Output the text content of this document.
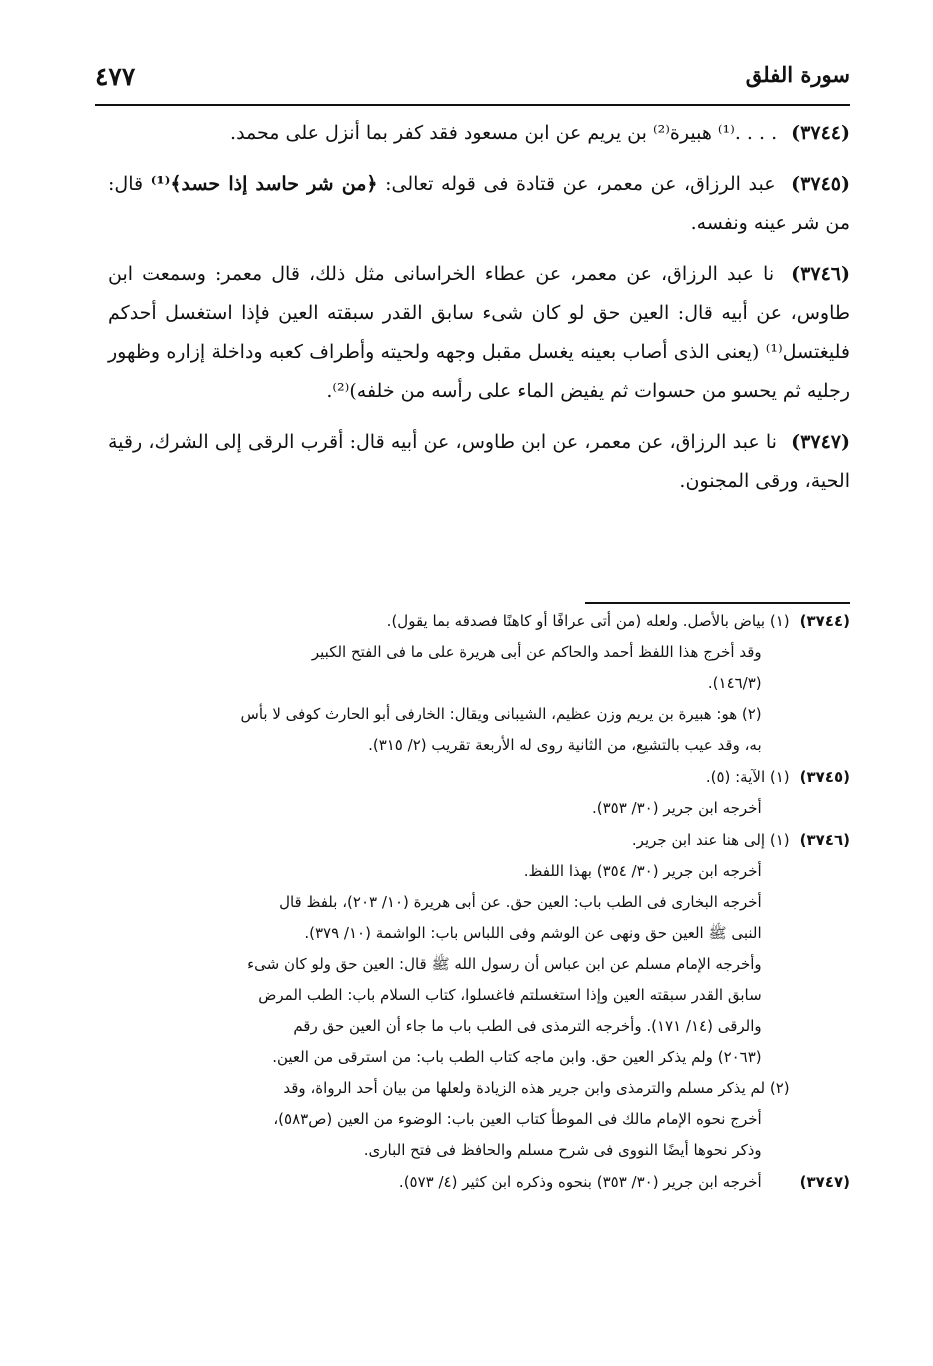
سورة الفلق
٤٧٧

(٣٧٤٤) . . . .⁽¹⁾ هبيرة⁽²⁾ بن يريم عن ابن مسعود فقد كفر بما أنزل على محمد.

(٣٧٤٥) عبد الرزاق، عن معمر، عن قتادة فى قوله تعالى: ﴿من شر حاسد إذا حسد﴾⁽¹⁾ قال: من شر عينه ونفسه.

(٣٧٤٦) نا عبد الرزاق، عن معمر، عن عطاء الخراسانى مثل ذلك، قال معمر: وسمعت ابن طاوس، عن أبيه قال: العين حق لو كان شىء سابق القدر سبقته العين فإذا استغسل أحدكم فليغتسل⁽¹⁾ (يعنى الذى أصاب بعينه يغسل مقبل وجهه ولحيته وأطراف كعبه وداخلة إزاره وظهور رجليه ثم يحسو من حسوات ثم يفيض الماء على رأسه من خلفه)⁽²⁾.

(٣٧٤٧) نا عبد الرزاق، عن معمر، عن ابن طاوس، عن أبيه قال: أقرب الرقى إلى الشرك، رقية الحية، ورقى المجنون.

(٣٧٤٤)
(١) بياض بالأصل. ولعله (من أتى عرافًا أو كاهنًا فصدقه بما يقول).
وقد أخرج هذا اللفظ أحمد والحاكم عن أبى هريرة على ما فى الفتح الكبير
(١٤٦/٣).
(٢) هو: هبيرة بن يريم وزن عظيم، الشيبانى ويقال: الخارفى أبو الحارث كوفى لا بأس
به، وقد عيب بالتشيع، من الثانية روى له الأربعة تقريب (٢/ ٣١٥).
(٣٧٤٥)
(١) الآية: (٥).
أخرجه ابن جرير (٣٠/ ٣٥٣).
(٣٧٤٦)
(١) إلى هنا عند ابن جرير.
أخرجه ابن جرير (٣٠/ ٣٥٤) بهذا اللفظ.
أخرجه البخارى فى الطب باب: العين حق. عن أبى هريرة (١٠/ ٢٠٣)، بلفظ قال
النبى ﷺ العين حق ونهى عن الوشم وفى اللباس باب: الواشمة (١٠/ ٣٧٩).
وأخرجه الإمام مسلم عن ابن عباس أن رسول الله ﷺ قال: العين حق ولو كان شىء
سابق القدر سبقته العين وإذا استغسلتم فاغسلوا، كتاب السلام باب: الطب المرض
والرقى (١٤/ ١٧١). وأخرجه الترمذى فى الطب باب ما جاء أن العين حق رقم
(٢٠٦٣) ولم يذكر العين حق. وابن ماجه كتاب الطب باب: من استرقى من العين.
(٢) لم يذكر مسلم والترمذى وابن جرير هذه الزيادة ولعلها من بيان أحد الرواة، وقد
أخرج نحوه الإمام مالك فى الموطأ كتاب العين باب: الوضوء من العين (ص٥٨٣)،
وذكر نحوها أيضًا النووى فى شرح مسلم والحافظ فى فتح البارى.
(٣٧٤٧)
أخرجه ابن جرير (٣٠/ ٣٥٣) بنحوه وذكره ابن كثير (٤/ ٥٧٣).
